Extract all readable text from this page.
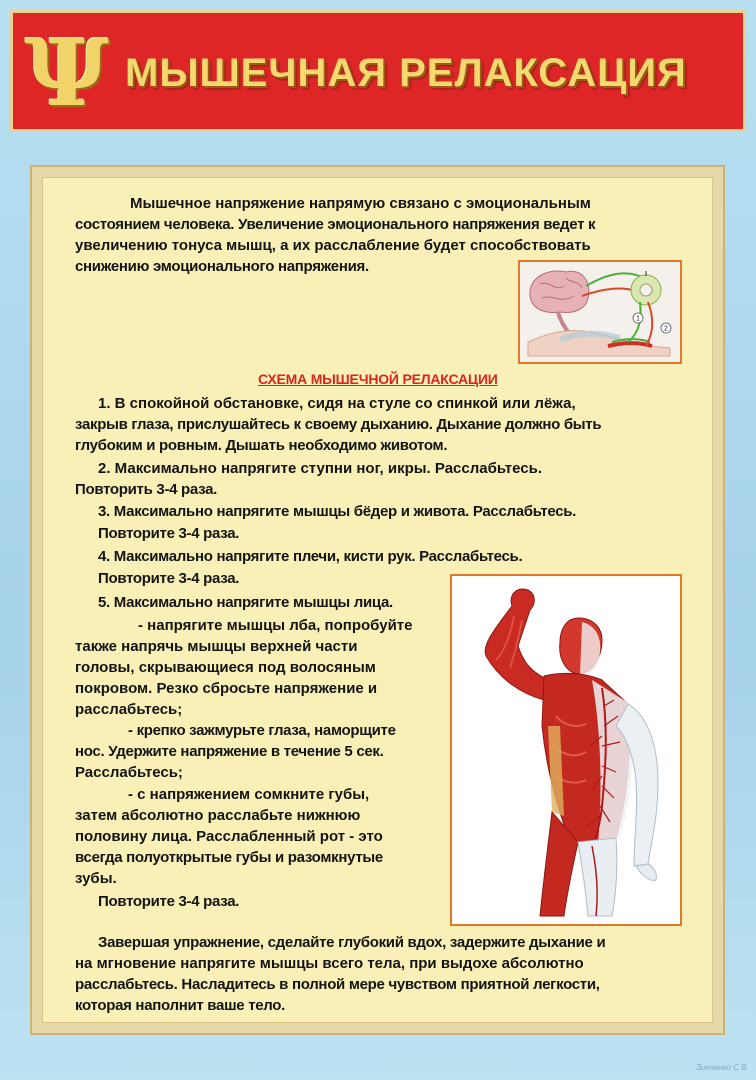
Ψ МЫШЕЧНАЯ РЕЛАКСАЦИЯ
Мышечное напряжение напрямую связано с эмоциональным
состоянием человека. Увеличение эмоционального напряжения ведет к
увеличению тонуса мышц, а их расслабление будет способствовать
снижению эмоционального напряжения.
1
2
СХЕМА МЫШЕЧНОЙ РЕЛАКСАЦИИ
1. В спокойной обстановке, сидя на стуле со спинкой или лёжа,
закрыв глаза, прислушайтесь к своему дыханию. Дыхание должно быть
глубоким и ровным. Дышать необходимо животом.
2. Максимально напрягите ступни ног, икры. Расслабьтесь.
Повторить 3-4 раза.
3. Максимально напрягите мышцы бёдер и живота. Расслабьтесь.
Повторите 3-4 раза.
4. Максимально напрягите плечи, кисти рук. Расслабьтесь.
Повторите 3-4 раза.
5. Максимально напрягите мышцы лица.
- напрягите мышцы лба, попробуйте
также напрячь мышцы верхней части
головы, скрывающиеся под волосяным
покровом. Резко сбросьте напряжение и
расслабьтесь;
- крепко зажмурьте глаза, наморщите
нос. Удержите напряжение в течение 5 сек.
Расслабьтесь;
- с напряжением сомкните губы,
затем абсолютно расслабьте нижнюю
половину лица. Расслабленный рот - это
всегда полуоткрытые губы и разомкнутые
зубы.
Повторите 3-4 раза.
Завершая упражнение, сделайте глубокий вдох, задержите дыхание и
на мгновение напрягите мышцы всего тела, при выдохе абсолютно
расслабьтесь. Насладитесь в полной мере чувством приятной легкости,
которая наполнит ваше тело.
Зинченко С.В.
